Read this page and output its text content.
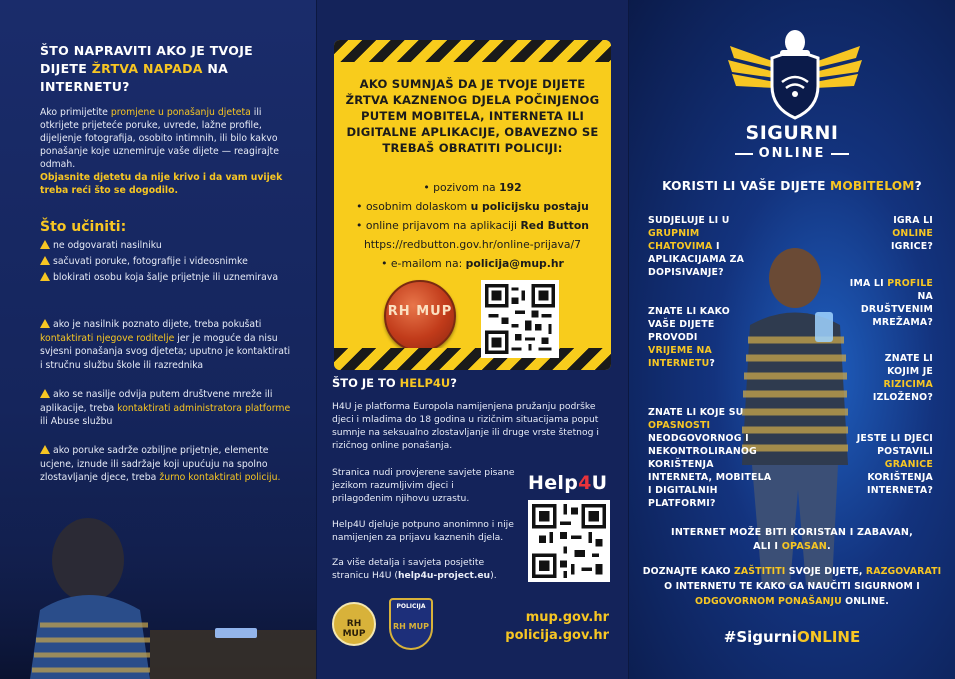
ŠTO NAPRAVITI AKO JE TVOJE DIJETE ŽRTVA NAPADA NA INTERNETU?
Ako primijetite promjene u ponašanju djeteta ili otkrijete prijeteće poruke, uvrede, lažne profile, dijeljenje fotografija, osobito intimnih, ili bilo kakvo ponašanje koje uznemiruje vaše dijete — reagirajte odmah.
Objasnite djetetu da nije krivo i da vam uvijek treba reći što se dogodilo.
Što učiniti:
ne odgovarati nasilniku
sačuvati poruke, fotografije i videosnimke
blokirati osobu koja šalje prijetnje ili uznemirava
ako je nasilnik poznato dijete, treba pokušati kontaktirati njegove roditelje jer je moguće da nisu svjesni ponašanja svog djeteta; uputno je kontaktirati i stručnu službu škole ili razrednika
ako se nasilje odvija putem društvene mreže ili aplikacije, treba kontaktirati administratora platforme ili Abuse službu
ako poruke sadrže ozbiljne prijetnje, elemente ucjene, iznude ili sadržaje koji upućuju na spolno zlostavljanje djece, treba žurno kontaktirati policiju.
AKO SUMNJAŠ DA JE TVOJE DIJETE ŽRTVA KAZNENOG DJELA POČINJENOG PUTEM MOBITELA, INTERNETA ILI DIGITALNE APLIKACIJE, OBAVEZNO SE TREBAŠ OBRATITI POLICIJI:
• pozivom na 192
• osobnim dolaskom u policijsku postaju
• online prijavom na aplikaciji Red Button
https://redbutton.gov.hr/online-prijava/7
• e-mailom na: policija@mup.hr
RH MUP
ŠTO JE TO HELP4U?
H4U je platforma Europola namijenjena pružanju podrške djeci i mladima do 18 godina u rizičnim situacijama poput sumnje na seksualno zlostavljanje ili druge vrste štetnog i rizičnog online ponašanja.
Stranica nudi provjerene savjete pisane jezikom razumljivim djeci i prilagođenim njihovu uzrastu.
Help4U djeluje potpuno anonimno i nije namijenjen za prijavu kaznenih djela.
Za više detalja i savjeta posjetite stranicu H4U (help4u-project.eu).
Help4U
RH MUP
POLICIJA
RH MUP
mup.gov.hr
policija.gov.hr
SIGURNI
ONLINE
KORISTI LI VAŠE DIJETE MOBITELOM?
SUDJELUJE LI U GRUPNIM CHATOVIMA I APLIKACIJAMA ZA DOPISIVANJE?
IGRA LI ONLINE IGRICE?
IMA LI PROFILE NA DRUŠTVENIM MREŽAMA?
ZNATE LI KAKO VAŠE DIJETE PROVODI VRIJEME NA INTERNETU?	ZNATE LI KOJIM JE RIZICIMA IZLOŽENO?
ZNATE LI KOJE SU OPASNOSTI NEODGOVORNOG I NEKONTROLIRANOG KORIŠTENJA INTERNETA, MOBITELA I DIGITALNIH PLATFORMI?
JESTE LI DJECI POSTAVILI GRANICE KORIŠTENJA INTERNETA?
INTERNET MOŽE BITI KORISTAN I ZABAVAN,
ALI I OPASAN.
DOZNAJTE KAKO ZAŠTITITI SVOJE DIJETE, RAZGOVARATI O INTERNETU TE KAKO GA NAUČITI SIGURNOM I ODGOVORNOM PONAŠANJU ONLINE.
#SigurniONLINE
